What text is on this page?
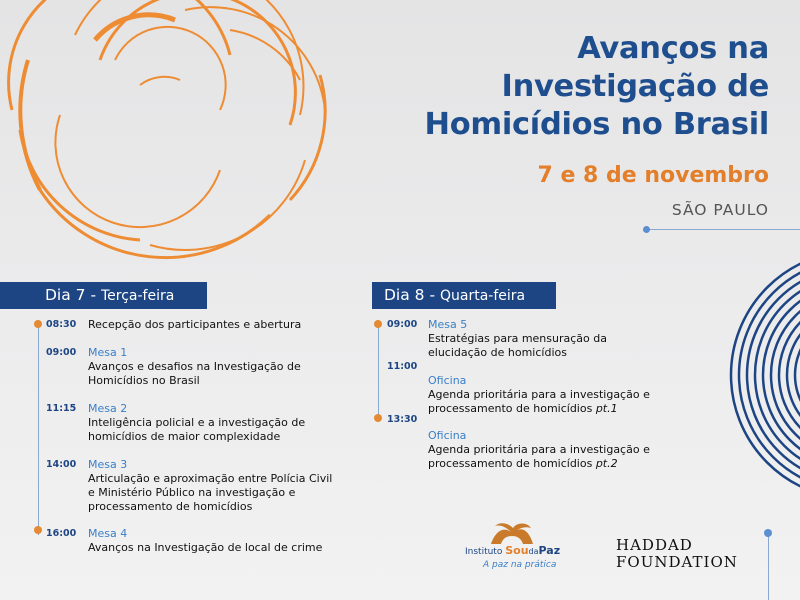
Avanços na
Investigação de
Homicídios no Brasil
7 e 8 de novembro
SÃO PAULO
Dia 7 - Terça-feira
08:30 Recepção dos participantes e abertura
09:00 Mesa 1
Avanços e desafios na Investigação de
Homicídios no Brasil
11:15 Mesa 2
Inteligência policial e a investigação de
homicídios de maior complexidade
14:00 Mesa 3
Articulação e aproximação entre Polícia Civil
e Ministério Público na investigação e
processamento de homicídios
16:00 Mesa 4
Avanços na Investigação de local de crime
Dia 8 - Quarta-feira
09:00 Mesa 5
Estratégias para mensuração da
elucidação de homicídios
11:00
Oficina
Agenda prioritária para a investigação e
processamento de homicídios pt.1
13:30
Oficina
Agenda prioritária para a investigação e
processamento de homicídios pt.2
Instituto SoudaPaz
A paz na prática
HADDAD
FOUNDATION
